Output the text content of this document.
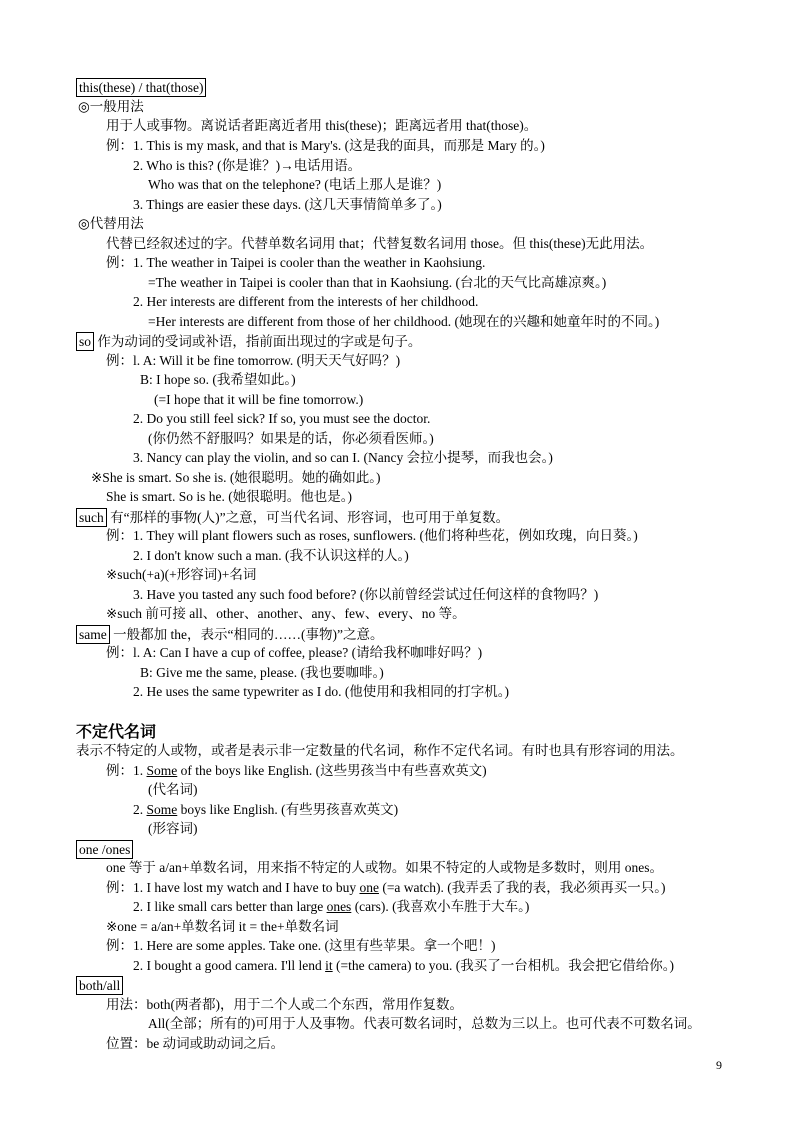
this(these) / that(those)
◎一般用法
用于人或事物。离说话者距离近者用 this(these)；距离远者用 that(those)。
例：1. This is my mask, and that is Mary's. (这是我的面具，而那是 Mary 的。)
2. Who is this? (你是谁？)→电话用语。
Who was that on the telephone? (电话上那人是谁？)
3. Things are easier these days. (这几天事情简单多了。)
◎代替用法
代替已经叙述过的字。代替单数名词用 that；代替复数名词用 those。但 this(these)无此用法。
例：1. The weather in Taipei is cooler than the weather in Kaohsiung.
=The weather in Taipei is cooler than that in Kaohsiung. (台北的天气比高雄凉爽。)
2. Her interests are different from the interests of her childhood.
=Her interests are different from those of her childhood. (她现在的兴趣和她童年时的不同。)
so 作为动词的受词或补语，指前面出现过的字或是句子。
例：l. A: Will it be fine tomorrow. (明天天气好吗？)
B: I hope so. (我希望如此。)
(=I hope that it will be fine tomorrow.)
2. Do you still feel sick? If so, you must see the doctor.
(你仍然不舒服吗？如果是的话，你必须看医师。)
3. Nancy can play the violin, and so can I. (Nancy 会拉小提琴，而我也会。)
※She is smart. So she is. (她很聪明。她的确如此。)
She is smart. So is he. (她很聪明。他也是。)
such 有“那样的事物(人)”之意，可当代名词、形容词，也可用于单复数。
例：1. They will plant flowers such as roses, sunflowers. (他们将种些花，例如玫瑰，向日葵。)
2. I don't know such a man. (我不认识这样的人。)
※such(+a)(+形容词)+名词
3. Have you tasted any such food before? (你以前曾经尝试过任何这样的食物吗？)
※such 前可接 all、other、another、any、few、every、no 等。
same 一般都加 the，表示“相同的……(事物)”之意。
例：l. A: Can I have a cup of coffee, please? (请给我杯咖啡好吗？)
B: Give me the same, please. (我也要咖啡。)
2. He uses the same typewriter as I do. (他使用和我相同的打字机。)
不定代名词
表示不特定的人或物，或者是表示非一定数量的代名词，称作不定代名词。有时也具有形容词的用法。
例：1. Some of the boys like English. (这些男孩当中有些喜欢英文)
(代名词)
2. Some boys like English. (有些男孩喜欢英文)
(形容词)
one /ones
one 等于 a/an+单数名词，用来指不特定的人或物。如果不特定的人或物是多数时，则用 ones。
例：1. I have lost my watch and I have to buy one (=a watch). (我弄丢了我的表，我必须再买一只。)
2. I like small cars better than large ones (cars). (我喜欢小车胜于大车。)
※one = a/an+单数名词 it = the+单数名词
例：1. Here are some apples. Take one. (这里有些苹果。拿一个吧！)
2. I bought a good camera. I'll lend it (=the camera) to you. (我买了一台相机。我会把它借给你。)
both/all
用法：both(两者都)，用于二个人或二个东西，常用作复数。
All(全部；所有的)可用于人及事物。代表可数名词时，总数为三以上。也可代表不可数名词。
位置：be 动词或助动词之后。
9
